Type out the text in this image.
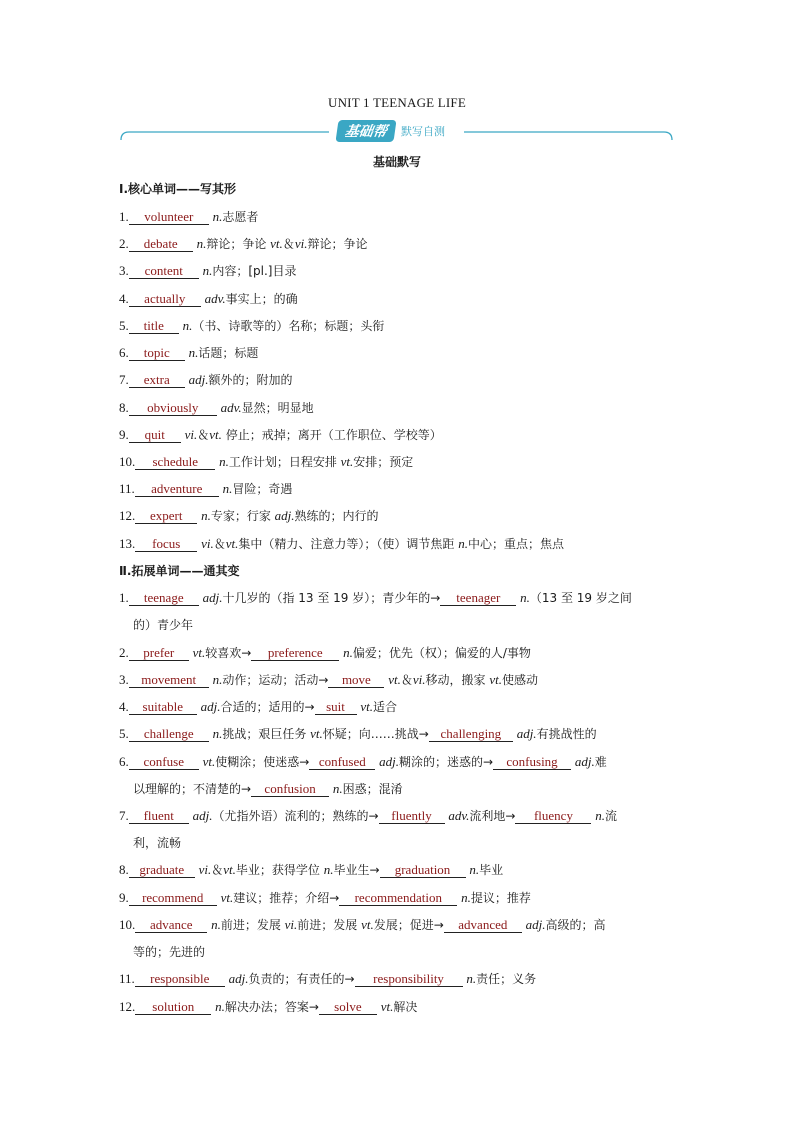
UNIT 1 TEENAGE LIFE
基础帮	默写自测
基础默写
Ⅰ.核心单词——写其形
1. volunteer n.志愿者
2. debate n.辩论；争论 vt.＆vi.辩论；争论
3. content n.内容；[pl.]目录
4. actually adv.事实上；的确
5. title n.（书、诗歌等的）名称；标题；头衔
6. topic n.话题；标题
7. extra adj.额外的；附加的
8. obviously adv.显然；明显地
9. quit vi.＆vt. 停止；戒掉；离开（工作职位、学校等）
10. schedule n.工作计划；日程安排 vt.安排；预定
11. adventure n.冒险；奇遇
12. expert n.专家；行家 adj.熟练的；内行的
13. focus vi.＆vt.集中（精力、注意力等）；（使）调节焦距 n.中心；重点；焦点
Ⅱ.拓展单词——通其变
1. teenage adj.十几岁的（指 13 至 19 岁）；青少年的→ teenager n.（13 至 19 岁之间
的）青少年
2. prefer vt.较喜欢→ preference n.偏爱；优先（权）；偏爱的人/事物
3. movement n.动作；运动；活动→ move vt.＆vi.移动，搬家 vt.使感动
4. suitable adj.合适的；适用的→ suit vt.适合
5. challenge n.挑战；艰巨任务 vt.怀疑；向……挑战→ challenging adj.有挑战性的
6. confuse vt.使糊涂；使迷惑→ confused adj.糊涂的；迷惑的→ confusing adj.难
以理解的；不清楚的→ confusion n.困惑；混淆
7. fluent adj.（尤指外语）流利的；熟练的→ fluently adv.流利地→ fluency n.流
利，流畅
8. graduate vi.＆vt.毕业；获得学位 n.毕业生→ graduation n.毕业
9. recommend vt.建议；推荐；介绍→ recommendation n.提议；推荐
10. advance n.前进；发展 vi.前进；发展 vt.发展；促进→ advanced adj.高级的；高
等的；先进的
11. responsible adj.负责的；有责任的→ responsibility n.责任；义务
12. solution n.解决办法；答案→ solve vt.解决
